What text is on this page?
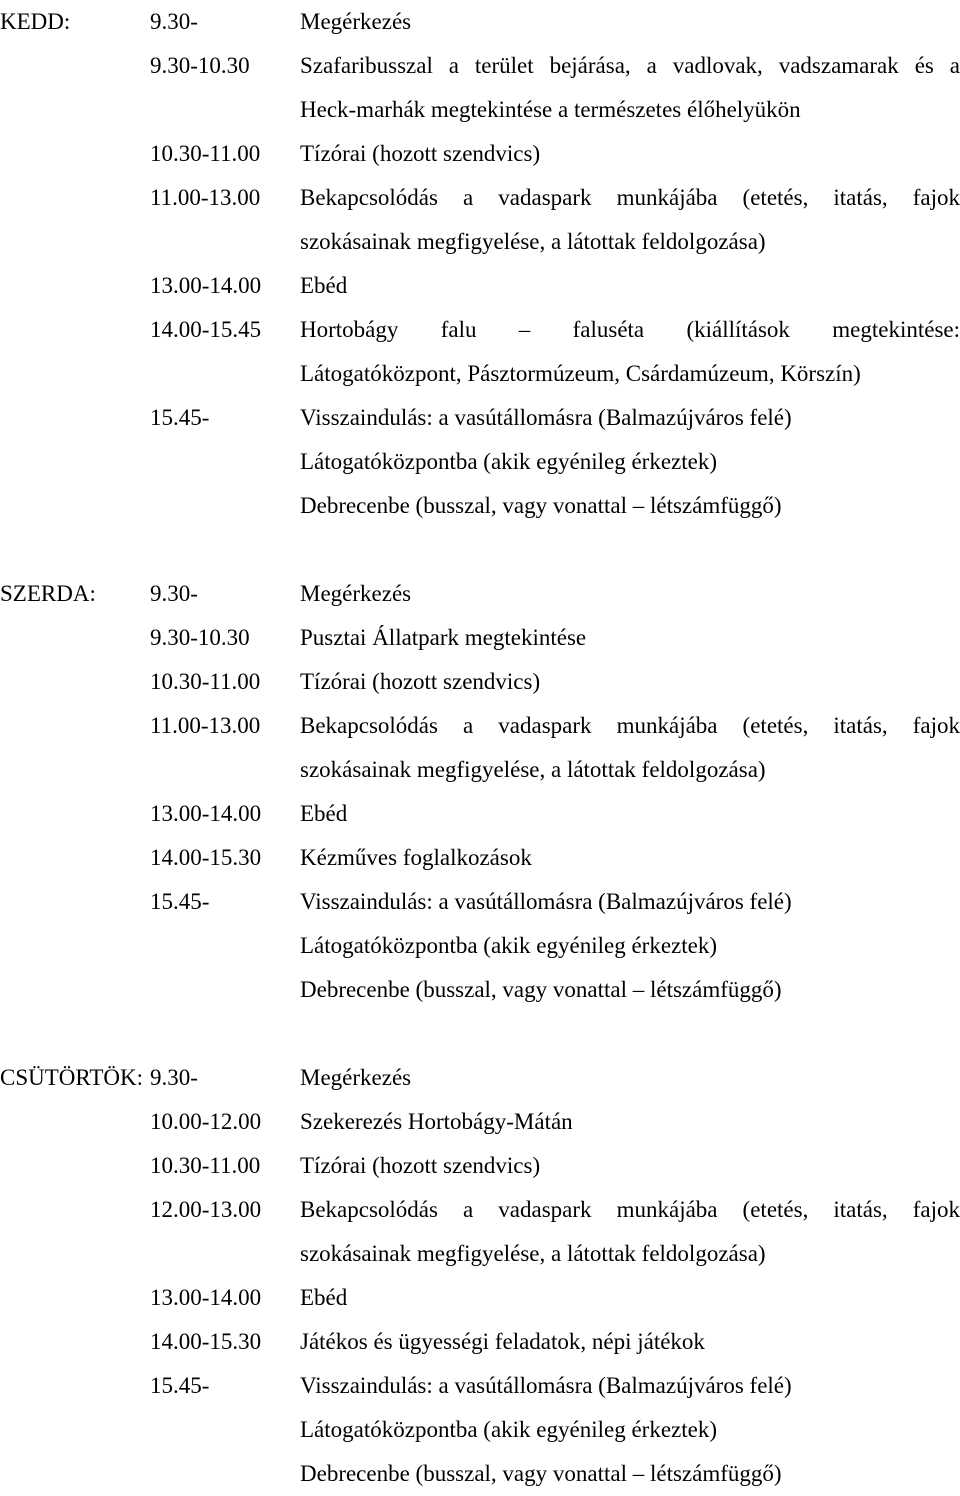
KEDD:	9.30-	Megérkezés
9.30-10.30	Szafaribusszal a terület bejárása, a vadlovak, vadszamarak és a
Heck-marhák megtekintése a természetes élőhelyükön
10.30-11.00	Tízórai (hozott szendvics)
11.00-13.00	Bekapcsolódás a vadaspark munkájába (etetés, itatás, fajok
szokásainak megfigyelése, a látottak feldolgozása)
13.00-14.00	Ebéd
14.00-15.45	Hortobágy falu – faluséta (kiállítások megtekintése:
Látogatóközpont, Pásztormúzeum, Csárdamúzeum, Körszín)
15.45-	Visszaindulás: a vasútállomásra (Balmazújváros felé)
Látogatóközpontba (akik egyénileg érkeztek)
Debrecenbe (busszal, vagy vonattal – létszámfüggő)
SZERDA:	9.30-	Megérkezés
9.30-10.30	Pusztai Állatpark megtekintése
10.30-11.00	Tízórai (hozott szendvics)
11.00-13.00	Bekapcsolódás a vadaspark munkájába (etetés, itatás, fajok
szokásainak megfigyelése, a látottak feldolgozása)
13.00-14.00	Ebéd
14.00-15.30	Kézműves foglalkozások
15.45-	Visszaindulás: a vasútállomásra (Balmazújváros felé)
Látogatóközpontba (akik egyénileg érkeztek)
Debrecenbe (busszal, vagy vonattal – létszámfüggő)
CSÜTÖRTÖK: 9.30-	Megérkezés
10.00-12.00	Szekerezés Hortobágy-Mátán
10.30-11.00	Tízórai (hozott szendvics)
12.00-13.00	Bekapcsolódás a vadaspark munkájába (etetés, itatás, fajok
szokásainak megfigyelése, a látottak feldolgozása)
13.00-14.00	Ebéd
14.00-15.30	Játékos és ügyességi feladatok, népi játékok
15.45-	Visszaindulás: a vasútállomásra (Balmazújváros felé)
Látogatóközpontba (akik egyénileg érkeztek)
Debrecenbe (busszal, vagy vonattal – létszámfüggő)
